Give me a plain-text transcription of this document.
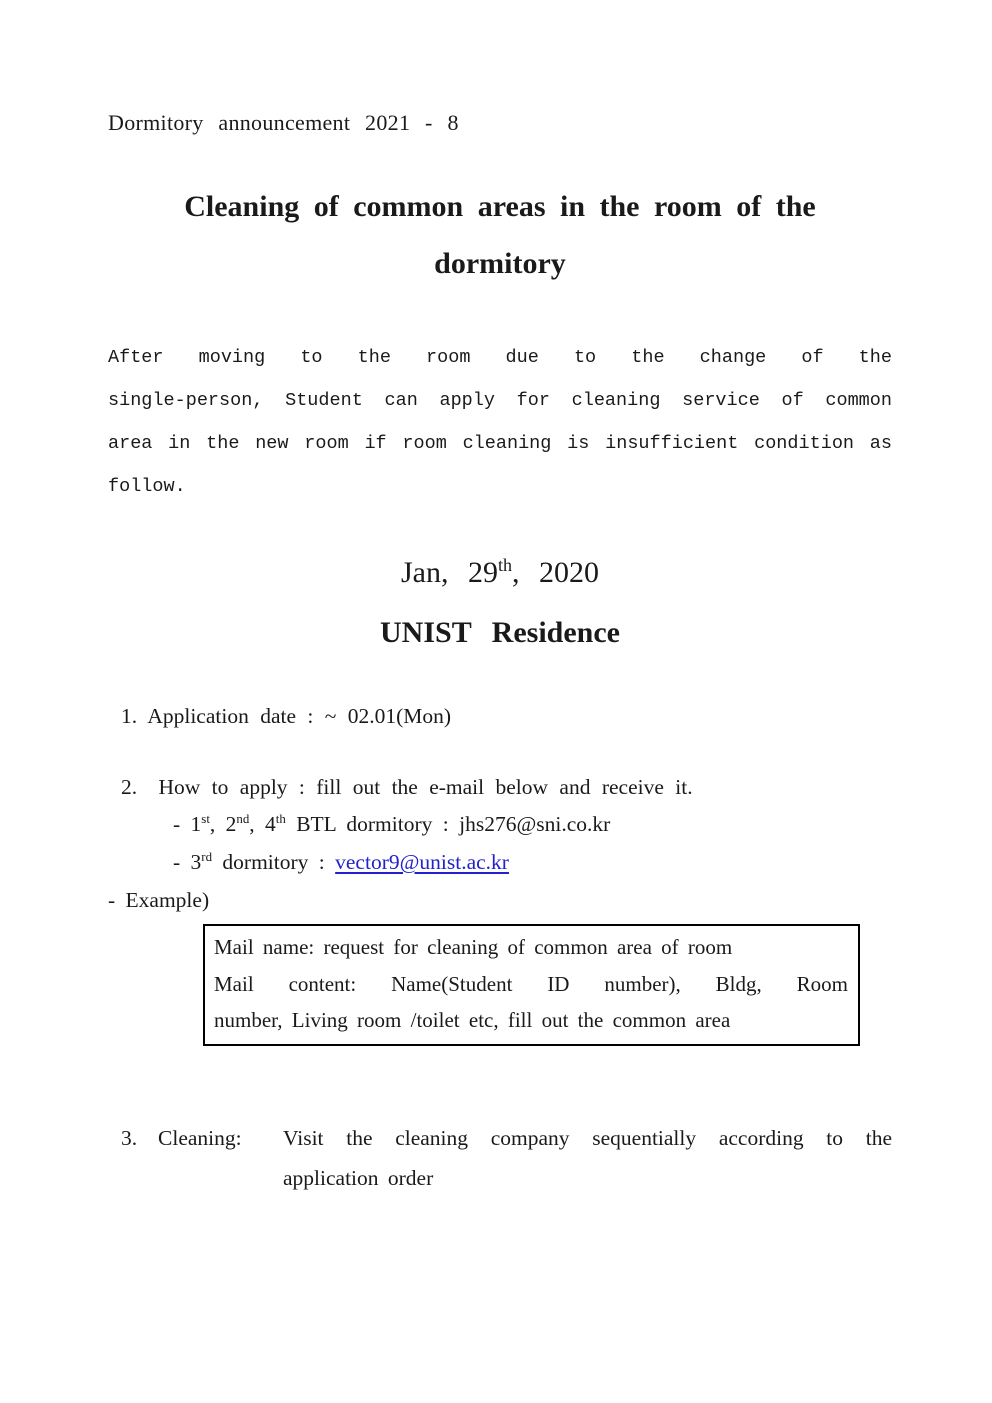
Dormitory announcement 2021 - 8
Cleaning of common areas in the room of the
dormitory
After moving to the room due to the change of the
single-person, Student can apply for cleaning service of common
area in the new room if room cleaning is insufficient condition as
follow.
Jan, 29th, 2020
UNIST Residence
1. Application date : ~ 02.01(Mon)
2. How to apply : fill out the e-mail below and receive it.
- 1st, 2nd, 4th BTL dormitory : jhs276@sni.co.kr
- 3rd dormitory : vector9@unist.ac.kr
- Example)
Mail name: request for cleaning of common area of room
Mail content: Name(Student ID number), Bldg, Room
number, Living room /toilet etc, fill out the common area
3. Cleaning:	Visit the cleaning company sequentially according to the application order
